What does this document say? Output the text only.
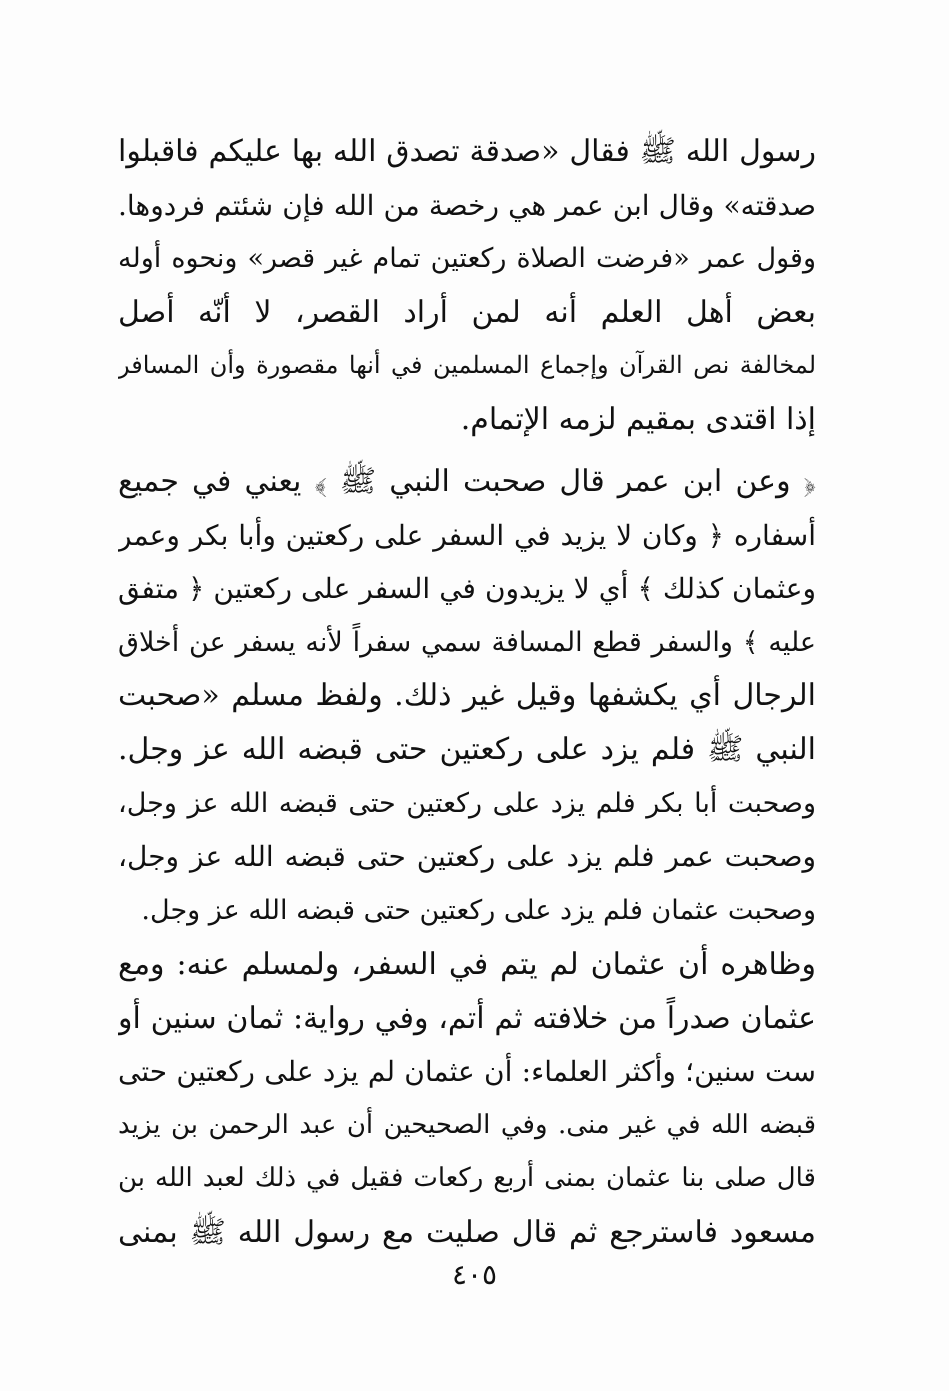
رسول الله ﷺ فقال «صدقة تصدق الله بها عليكم فاقبلوا
صدقته» وقال ابن عمر هي رخصة من الله فإن شئتم فردوها.
وقول عمر «فرضت الصلاة ركعتين تمام غير قصر» ونحوه أوله
بعض أهل العلم أنه لمن أراد القصر، لا أنّه أصل
لمخالفة نص القرآن وإجماع المسلمين في أنها مقصورة وأن المسافر
إذا اقتدى بمقيم لزمه الإتمام.
﴿ وعن ابن عمر قال صحبت النبي ﷺ ﴾ يعني في جميع
أسفاره ﴿ وكان لا يزيد في السفر على ركعتين وأبا بكر وعمر
وعثمان كذلك ﴾ أي لا يزيدون في السفر على ركعتين ﴿ متفق
عليه ﴾ والسفر قطع المسافة سمي سفراً لأنه يسفر عن أخلاق
الرجال أي يكشفها وقيل غير ذلك. ولفظ مسلم «صحبت
النبي ﷺ فلم يزد على ركعتين حتى قبضه الله عز وجل.
وصحبت أبا بكر فلم يزد على ركعتين حتى قبضه الله عز وجل،
وصحبت عمر فلم يزد على ركعتين حتى قبضه الله عز وجل،
وصحبت عثمان فلم يزد على ركعتين حتى قبضه الله عز وجل.
وظاهره أن عثمان لم يتم في السفر، ولمسلم عنه: ومع
عثمان صدراً من خلافته ثم أتم، وفي رواية: ثمان سنين أو
ست سنين؛ وأكثر العلماء: أن عثمان لم يزد على ركعتين حتى
قبضه الله في غير منى. وفي الصحيحين أن عبد الرحمن بن يزيد
قال صلى بنا عثمان بمنى أربع ركعات فقيل في ذلك لعبد الله بن
مسعود فاسترجع ثم قال صليت مع رسول الله ﷺ بمنى
٤٠٥
